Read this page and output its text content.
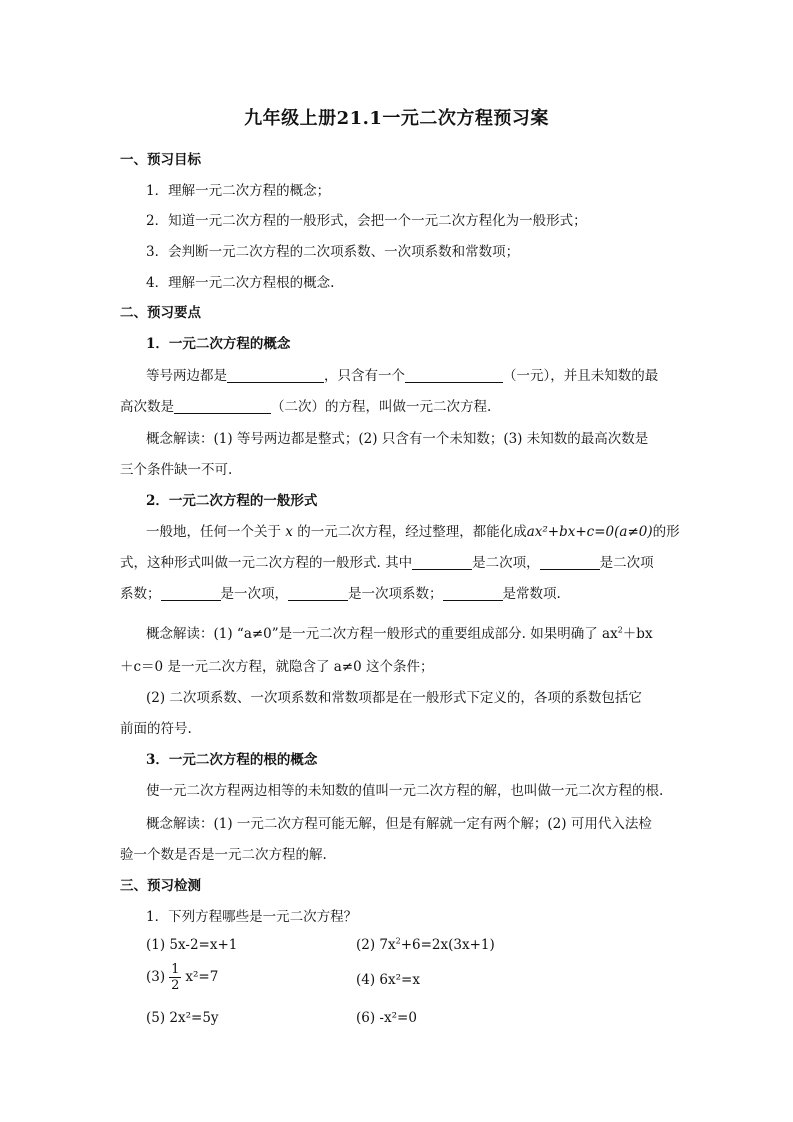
九年级上册21.1一元二次方程预习案
一、预习目标
1．理解一元二次方程的概念；
2．知道一元二次方程的一般形式，会把一个一元二次方程化为一般形式；
3．会判断一元二次方程的二次项系数、一次项系数和常数项；
4．理解一元二次方程根的概念.
二、预习要点
1．一元二次方程的概念
等号两边都是	，只含有一个	（一元），并且未知数的最
高次数是	（二次）的方程，叫做一元二次方程.
概念解读：(1) 等号两边都是整式；(2) 只含有一个未知数；(3) 未知数的最高次数是
三个条件缺一不可.
2．一元二次方程的一般形式
一般地，任何一个关于 x 的一元二次方程，经过整理，都能化成ax²+bx+c=0(a≠0)的形
式，这种形式叫做一元二次方程的一般形式. 其中	是二次项，	是二次项
系数；	是一次项，	是一次项系数；	是常数项.
概念解读：(1) “a≠0”是一元二次方程一般形式的重要组成部分. 如果明确了 $ax^2+bx$
＋c＝0 是一元二次方程，就隐含了 a≠0 这个条件；
(2) 二次项系数、一次项系数和常数项都是在一般形式下定义的，各项的系数包括它
前面的符号.
3．一元二次方程的根的概念
使一元二次方程两边相等的未知数的值叫一元二次方程的解，也叫做一元二次方程的根.
概念解读：(1) 一元二次方程可能无解，但是有解就一定有两个解；(2) 可用代入法检
验一个数是否是一元二次方程的解.
三、预习检测
1．下列方程哪些是一元二次方程？
(1) 5x-2=x+1	(2) $7x^2+6=2x(3x+1)$
$(3) \frac{1}{2} x^2=7$	(4) 6x²=x
(5) 2x²=5y	(6) -x²=0
